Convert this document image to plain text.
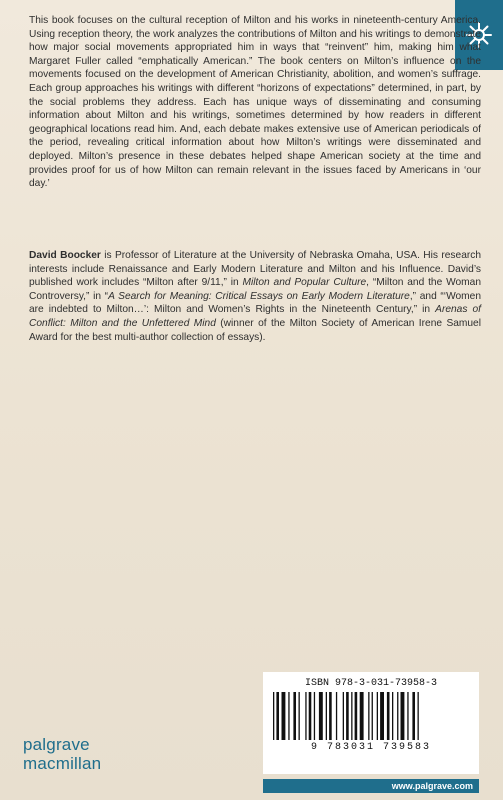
This book focuses on the cultural reception of Milton and his works in nineteenth-century America. Using reception theory, the work analyzes the contributions of Milton and his writings to demonstrate how major social movements appropriated him in ways that “reinvent” him, making him what Margaret Fuller called “emphatically American.” The book centers on Milton’s influence on the movements focused on the development of American Christianity, abolition, and women’s suffrage. Each group approaches his writings with different “horizons of expectations” determined, in part, by the social problems they address. Each has unique ways of disseminating and consuming information about Milton and his writings, sometimes determined by how readers in different geographical locations read him. And, each debate makes extensive use of American periodicals of the period, revealing critical information about how Milton’s writings were disseminated and deployed. Milton’s presence in these debates helped shape American society at the time and provides proof for us of how Milton can remain relevant in the issues faced by Americans in ‘our day.’

David Boocker is Professor of Literature at the University of Nebraska Omaha, USA. His research interests include Renaissance and Early Modern Literature and Milton and his Influence. David’s published work includes “Milton after 9/11,” in Milton and Popular Culture, “Milton and the Woman Controversy,” in “A Search for Meaning: Critical Essays on Early Modern Literature,” and “‘Women are indebted to Milton…’: Milton and Women’s Rights in the Nineteenth Century,” in Arenas of Conflict: Milton and the Unfettered Mind (winner of the Milton Society of American Irene Samuel Award for the best multi-author collection of essays).

palgrave
macmillan
ISBN 978-3-031-73958-3
9 783031 739583
www.palgrave.com
